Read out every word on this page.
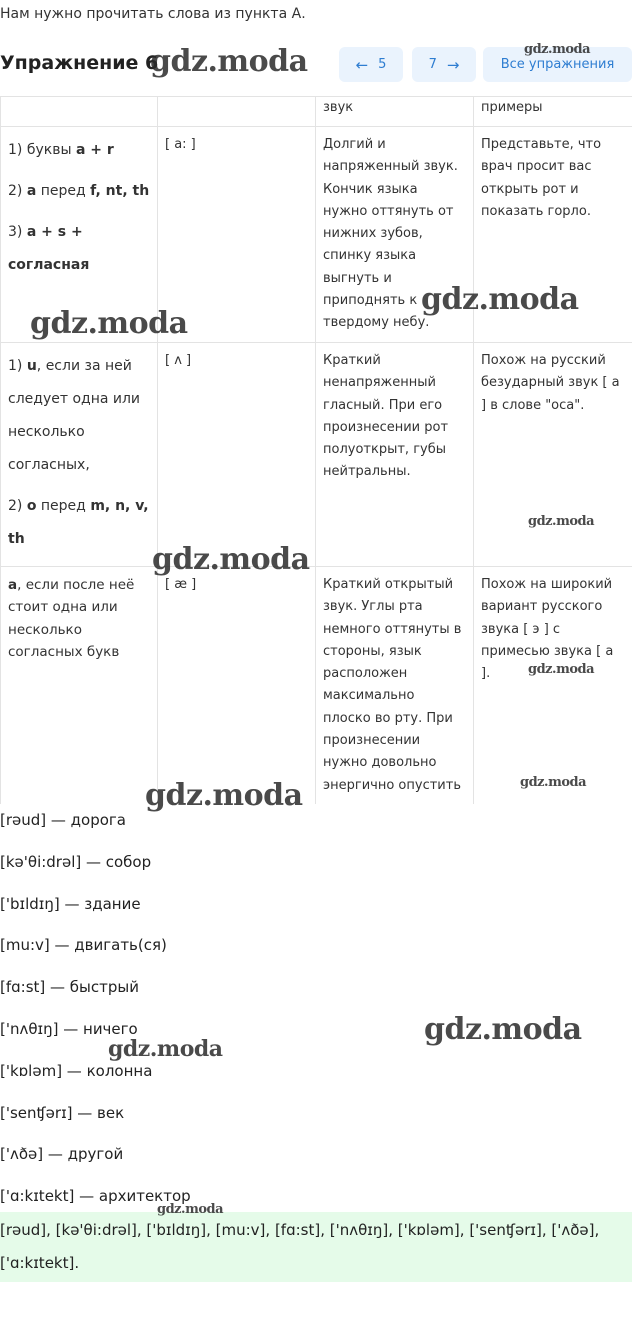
Нам нужно прочитать слова из пункта А.
Упражнение 6	← 5	7 →	Все упражнения
		звук	примеры

1) буквы a + r
2) a перед f, nt, th
3) a + s + согласная	[ a: ]	Долгий и напряженный звук. Кончик языка нужно оттянуть от нижних зубов, спинку языка выгнуть и приподнять к твердому небу.	Представьте, что врач просит вас открыть рот и показать горло.

1) u, если за ней следует одна или несколько согласных,
2) o перед m, n, v, th	[ ʌ ]	Краткий ненапряженный гласный. При его произнесении рот полуоткрыт, губы нейтральны.	Похож на русский безударный звук [ а ] в слове "оса".
a, если после неё стоит одна или несколько согласных букв	[ æ ]	Краткий открытый звук. Углы рта немного оттянуты в стороны, язык расположен максимально плоско во рту. При произнесении нужно довольно энергично опустить	Похож на широкий вариант русского звука [ э ] с примесью звука [ а ].
[rəud] — дорога
[kə'θi:drəl] — собор
['bɪldɪŋ] — здание
[mu:v] — двигать(ся)
[fɑ:st] — быстрый
['nʌθɪŋ] — ничего
['kɒləm] — колонна
['senʧərɪ] — век
['ʌðə] — другой
['ɑ:kɪtekt] — архитектор
[rəud], [kə'θi:drəl], ['bɪldɪŋ], [mu:v], [fɑ:st], ['nʌθɪŋ], ['kɒləm], ['senʧərɪ], ['ʌðə], ['ɑ:kɪtekt].
gdz.moda	gdz.moda
gdz.moda
gdz.moda
gdz.moda
gdz.moda
gdz.moda
gdz.moda
gdz.moda
gdz.moda
gdz.moda
gdz.moda
